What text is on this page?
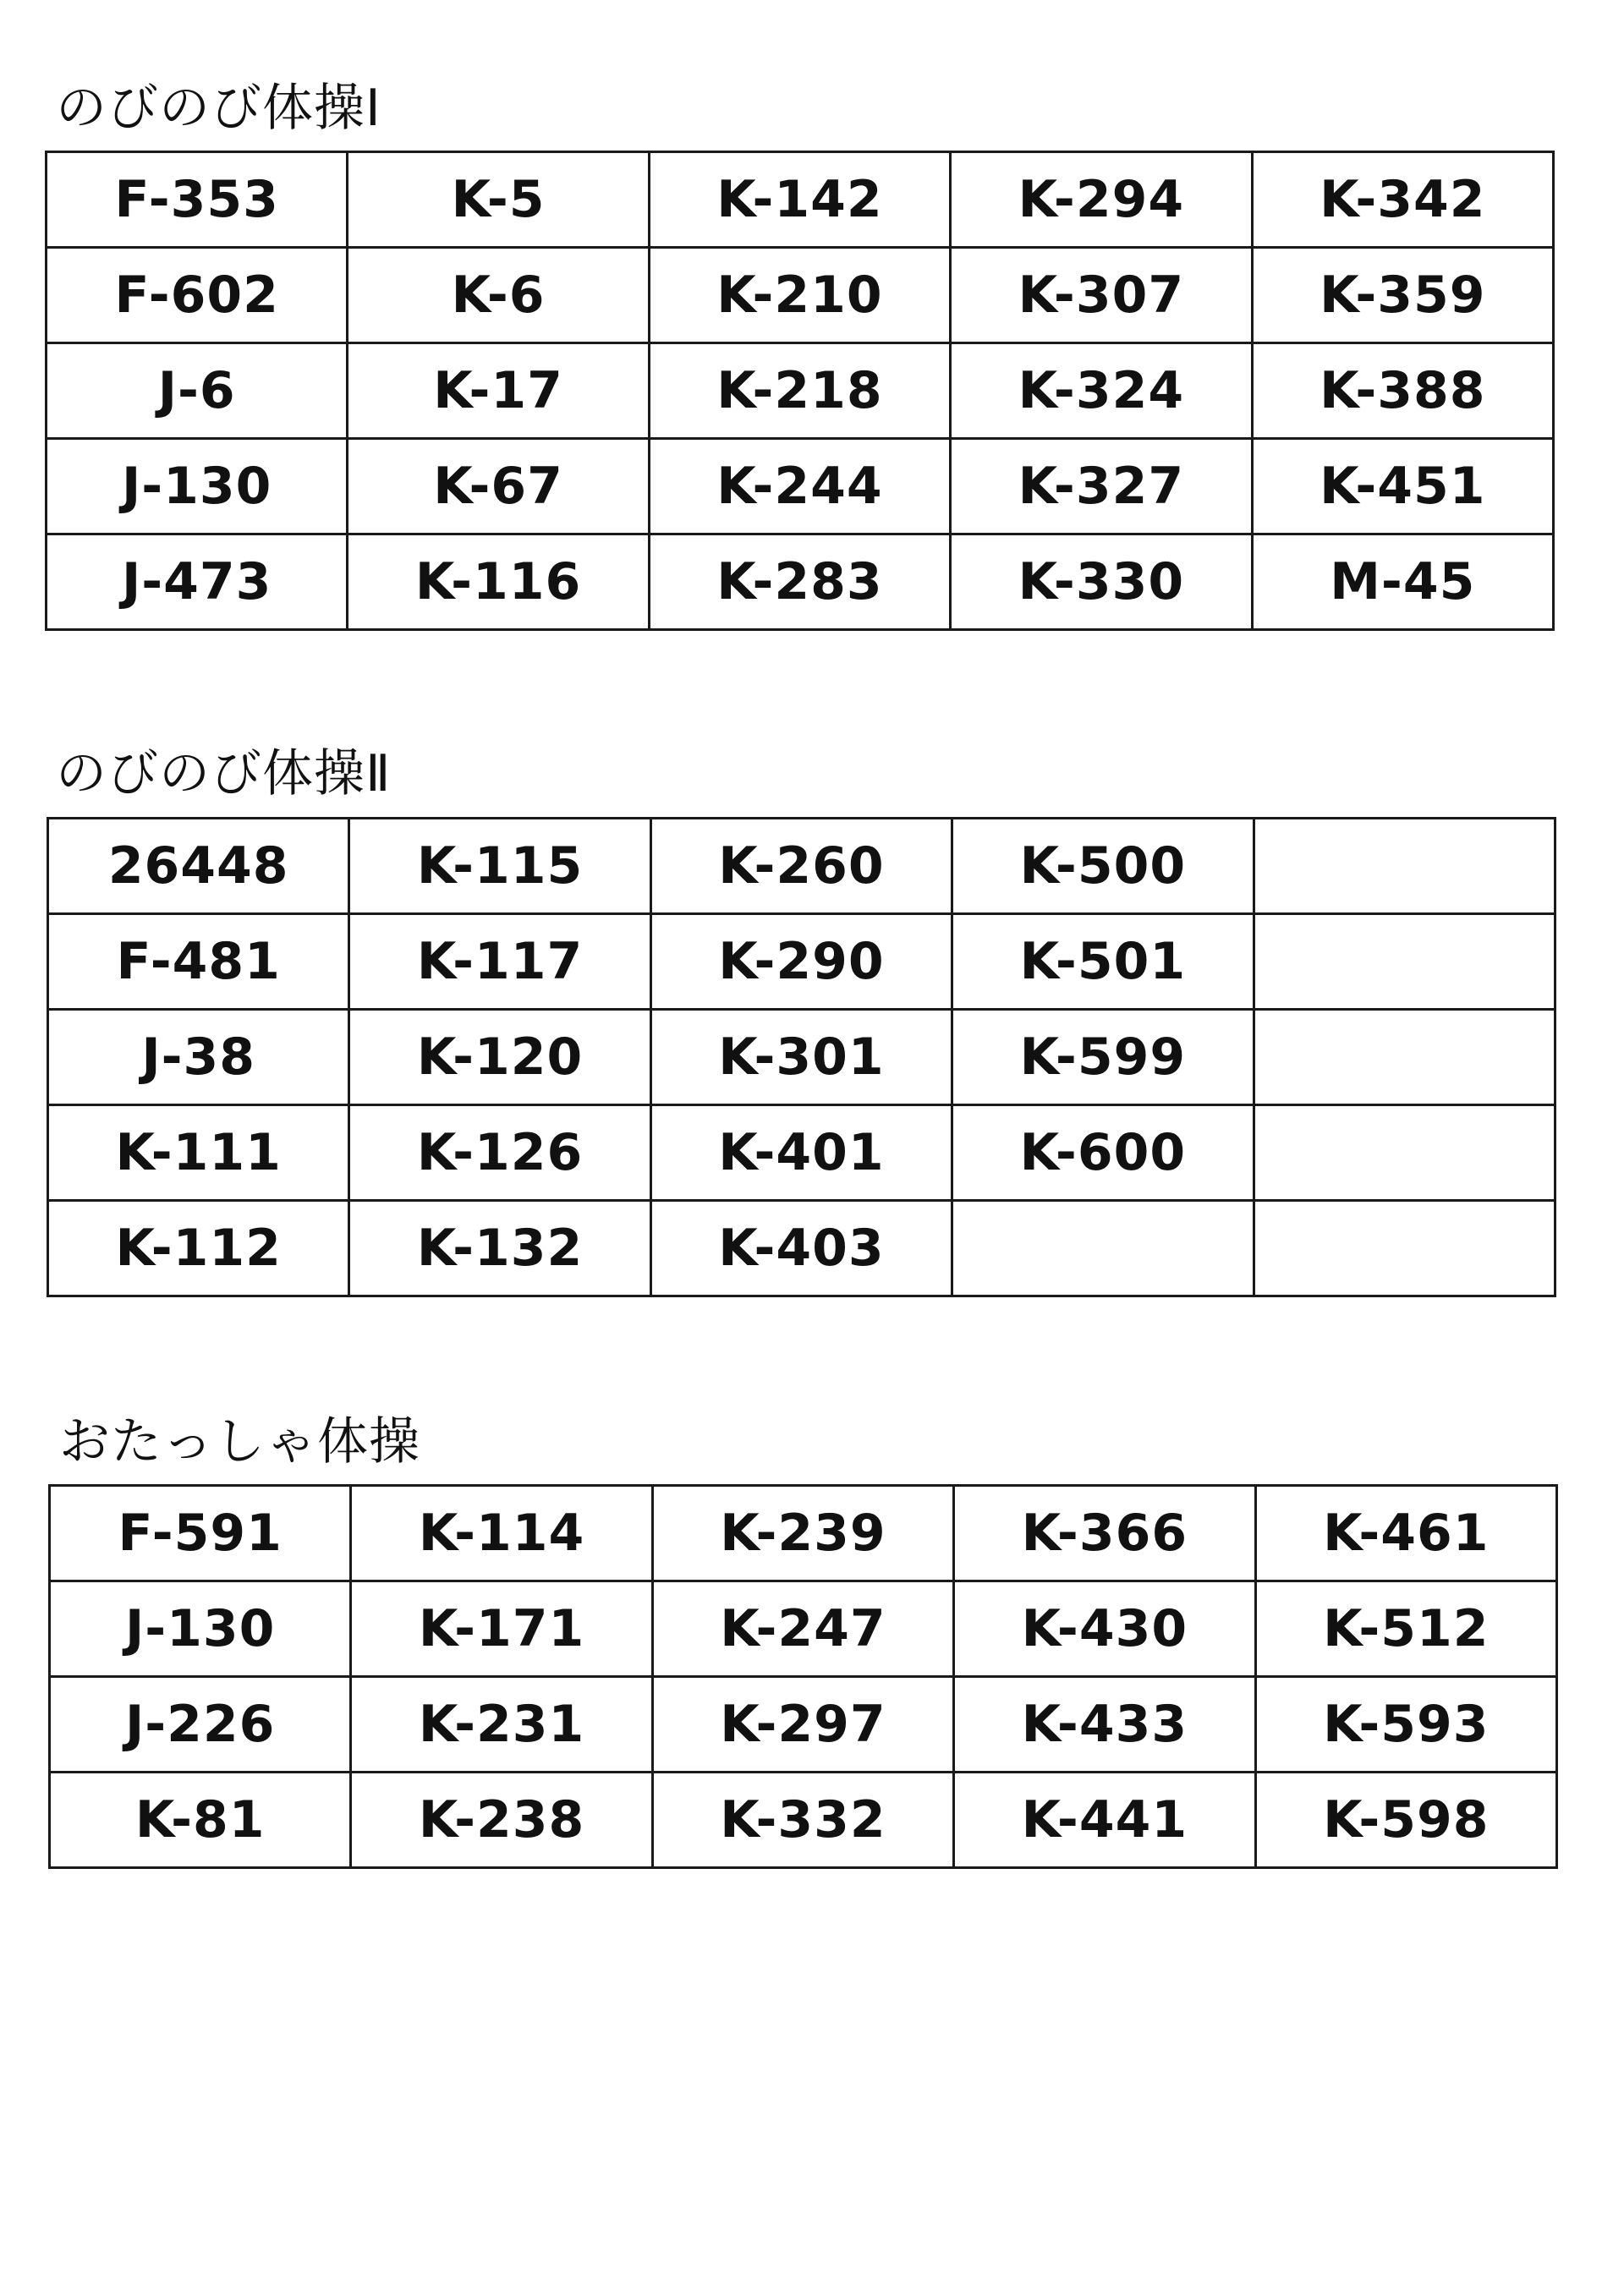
のびのび体操Ⅰ
F-353	K-5	K-142	K-294	K-342
F-602	K-6	K-210	K-307	K-359
J-6	K-17	K-218	K-324	K-388
J-130	K-67	K-244	K-327	K-451
J-473	K-116	K-283	K-330	M-45
のびのび体操Ⅱ
26448	K-115	K-260	K-500	
F-481	K-117	K-290	K-501	
J-38	K-120	K-301	K-599	
K-111	K-126	K-401	K-600	
K-112	K-132	K-403		
おたっしゃ体操
F-591	K-114	K-239	K-366	K-461
J-130	K-171	K-247	K-430	K-512
J-226	K-231	K-297	K-433	K-593
K-81	K-238	K-332	K-441	K-598
